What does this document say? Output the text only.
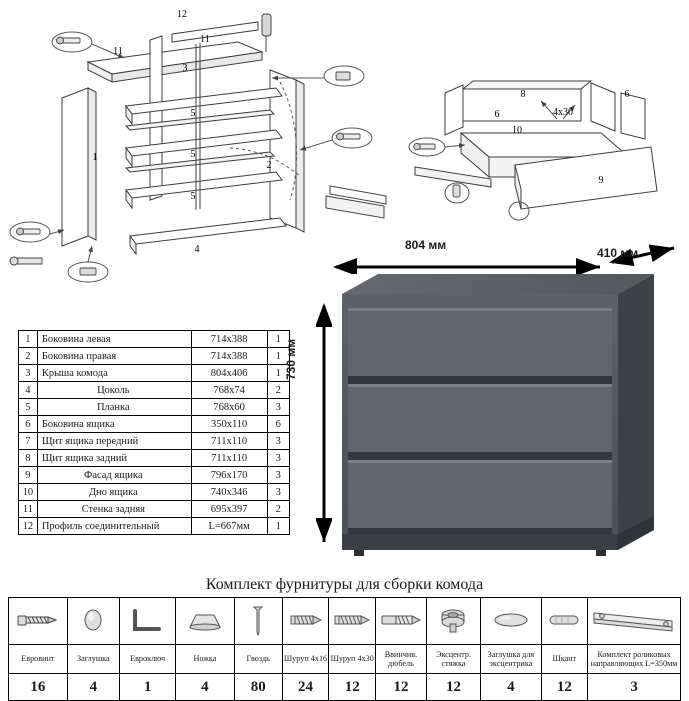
12
11
11
3
5
5
5
1
2
4
8
4х30
6
6
10
9
1	Боковина левая	714х388	1
2	Боковина правая	714х388	1
3	Крыша комода	804х406	1
4	Цоколь	768х74	2
5	Планка	768х60	3
6	Боковина ящика	350х110	6
7	Щит ящика передний	711х110	3
8	Щит ящика задний	711х110	3
9	Фасад ящика	796х170	3
10	Дно ящика	740х346	3
11	Стенка задняя	695х397	2
12	Профиль соединительный	L=667мм	1
804 мм
410 мм
730 мм
Комплект фурнитуры для сборки комода

Евровинт	Заглушка	Евроключ	Ножка	Гвоздь	Шуруп 4х16	Шуруп 4х30	Ввинчив. дюбель	Эксцентр. стяжка	Заглушка для эксцентрика	Шкант	Комплект роликовых направляющих L=350мм
16	4	1	4	80	24	12	12	12	4	12	3
